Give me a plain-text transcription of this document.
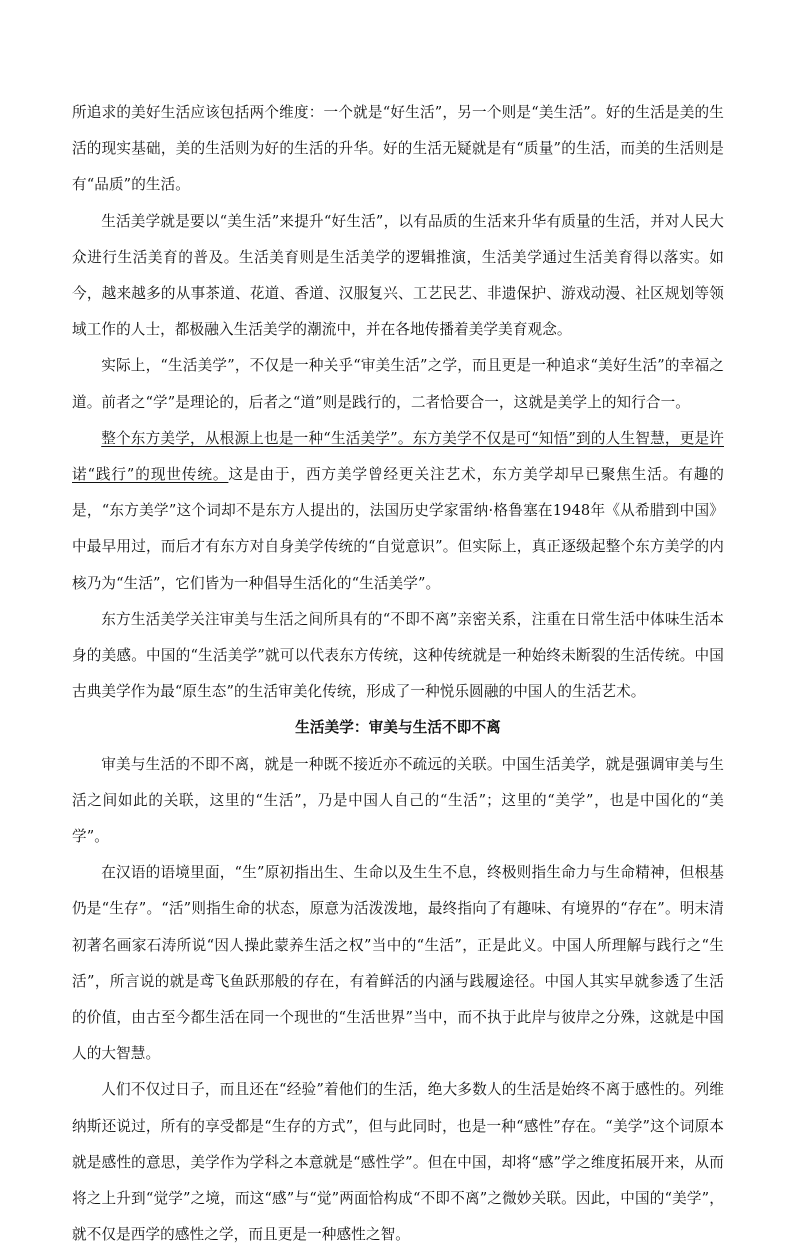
所追求的美好生活应该包括两个维度：一个就是“好生活”，另一个则是“美生活”。好的生活是美的生活的现实基础，美的生活则为好的生活的升华。好的生活无疑就是有“质量”的生活，而美的生活则是有“品质”的生活。

生活美学就是要以“美生活”来提升“好生活”，以有品质的生活来升华有质量的生活，并对人民大众进行生活美育的普及。生活美育则是生活美学的逻辑推演，生活美学通过生活美育得以落实。如今，越来越多的从事茶道、花道、香道、汉服复兴、工艺民艺、非遗保护、游戏动漫、社区规划等领域工作的人士，都极融入生活美学的潮流中，并在各地传播着美学美育观念。

实际上，“生活美学”，不仅是一种关乎“审美生活”之学，而且更是一种追求“美好生活”的幸福之道。前者之“学”是理论的，后者之“道”则是践行的，二者恰要合一，这就是美学上的知行合一。

整个东方美学，从根源上也是一种“生活美学”。东方美学不仅是可“知悟”到的人生智慧，更是许诺“践行”的现世传统。这是由于，西方美学曾经更关注艺术，东方美学却早已聚焦生活。有趣的是，“东方美学”这个词却不是东方人提出的，法国历史学家雷纳·格鲁塞在1948年《从希腊到中国》中最早用过，而后才有东方对自身美学传统的“自觉意识”。但实际上，真正逐级起整个东方美学的内核乃为“生活”，它们皆为一种倡导生活化的“生活美学”。

东方生活美学关注审美与生活之间所具有的“不即不离”亲密关系，注重在日常生活中体味生活本身的美感。中国的“生活美学”就可以代表东方传统，这种传统就是一种始终未断裂的生活传统。中国古典美学作为最“原生态”的生活审美化传统，形成了一种悦乐圆融的中国人的生活艺术。

生活美学：审美与生活不即不离

审美与生活的不即不离，就是一种既不接近亦不疏远的关联。中国生活美学，就是强调审美与生活之间如此的关联，这里的“生活”，乃是中国人自己的“生活”；这里的“美学”，也是中国化的“美学”。

在汉语的语境里面，“生”原初指出生、生命以及生生不息，终极则指生命力与生命精神，但根基仍是“生存”。“活”则指生命的状态，原意为活泼泼地，最终指向了有趣味、有境界的“存在”。明末清初著名画家石涛所说“因人操此蒙养生活之权”当中的“生活”，正是此义。中国人所理解与践行之“生活”，所言说的就是鸢飞鱼跃那般的存在，有着鲜活的内涵与践履途径。中国人其实早就参透了生活的价值，由古至今都生活在同一个现世的“生活世界”当中，而不执于此岸与彼岸之分殊，这就是中国人的大智慧。

人们不仅过日子，而且还在“经验”着他们的生活，绝大多数人的生活是始终不离于感性的。列维纳斯还说过，所有的享受都是“生存的方式”，但与此同时，也是一种“感性”存在。“美学”这个词原本就是感性的意思，美学作为学科之本意就是“感性学”。但在中国，却将“感”学之维度拓展开来，从而将之上升到“觉学”之境，而这“感”与“觉”两面恰构成“不即不离”之微妙关联。因此，中国的“美学”，就不仅是西学的感性之学，而且更是一种感性之智。
